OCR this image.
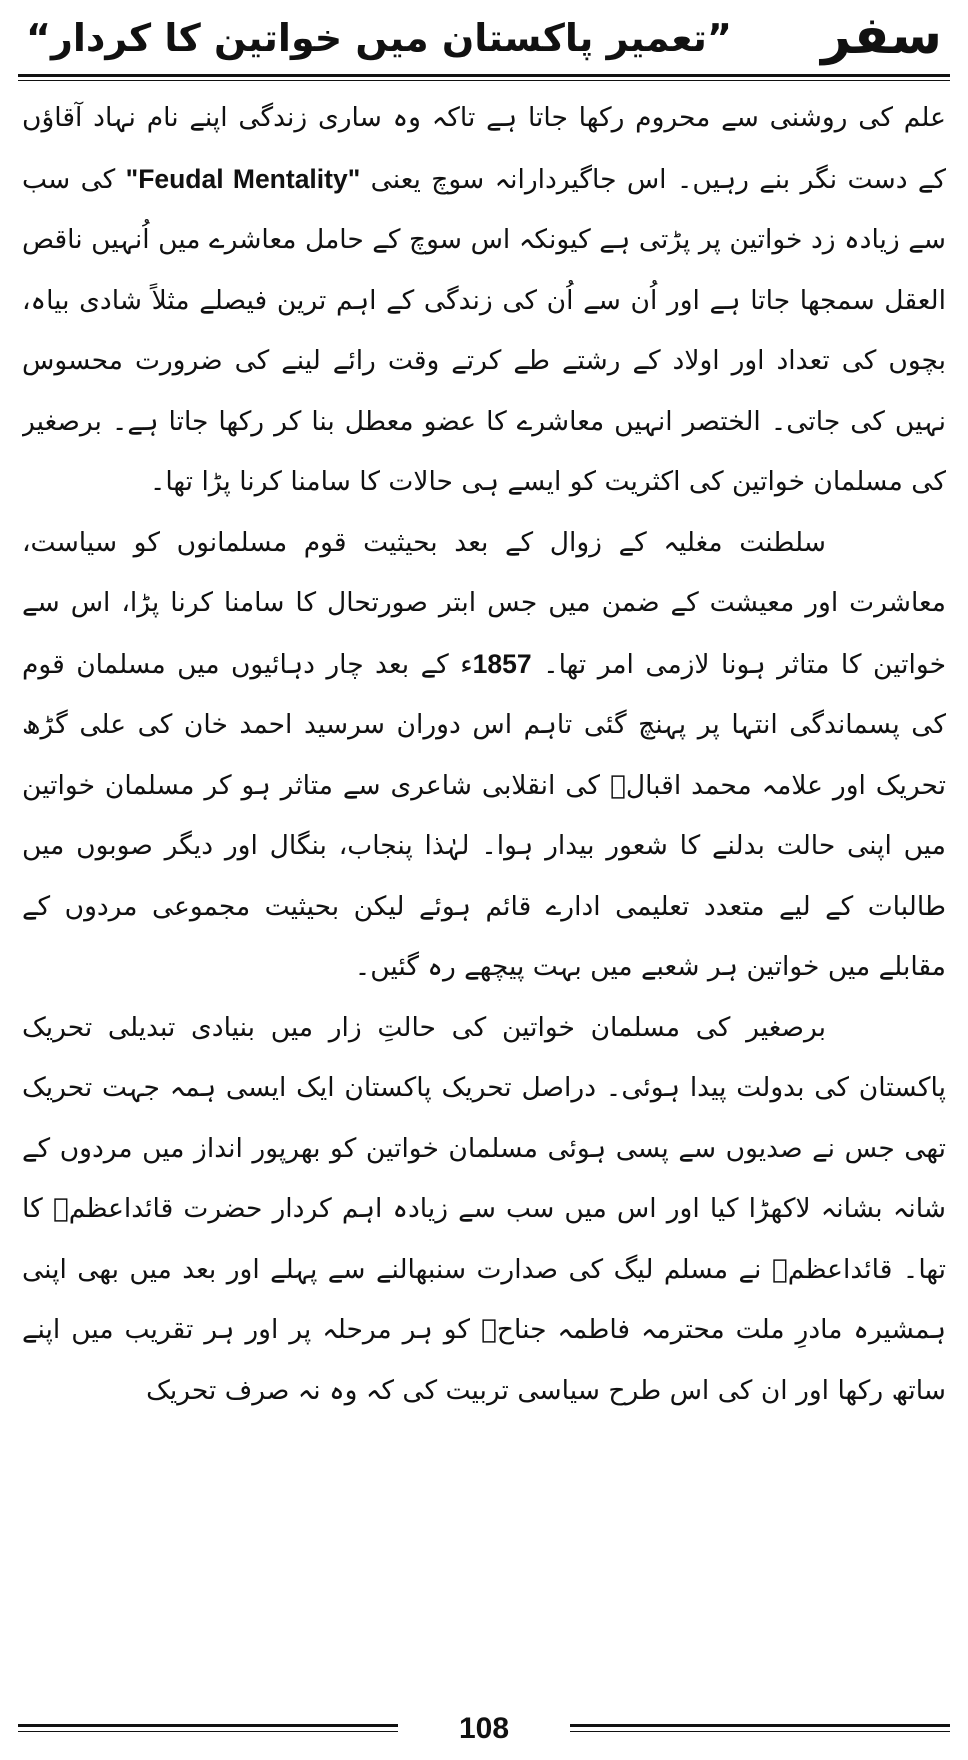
”تعمیر پاکستان میں خواتین کا کردار“ سفر

علم کی روشنی سے محروم رکھا جاتا ہے تاکہ وہ ساری زندگی اپنے نام نہاد آقاؤں کے دست نگر بنے رہیں۔ اس جاگیردارانہ سوچ یعنی "Feudal Mentality" کی سب سے زیادہ زد خواتین پر پڑتی ہے کیونکہ اس سوچ کے حامل معاشرے میں اُنہیں ناقص العقل سمجھا جاتا ہے اور اُن سے اُن کی زندگی کے اہم ترین فیصلے مثلاً شادی بیاہ، بچوں کی تعداد اور اولاد کے رشتے طے کرتے وقت رائے لینے کی ضرورت محسوس نہیں کی جاتی۔ الختصر انہیں معاشرے کا عضو معطل بنا کر رکھا جاتا ہے۔ برصغیر کی مسلمان خواتین کی اکثریت کو ایسے ہی حالات کا سامنا کرنا پڑا تھا۔

سلطنت مغلیہ کے زوال کے بعد بحیثیت قوم مسلمانوں کو سیاست، معاشرت اور معیشت کے ضمن میں جس ابتر صورتحال کا سامنا کرنا پڑا، اس سے خواتین کا متاثر ہونا لازمی امر تھا۔ 1857ء کے بعد چار دہائیوں میں مسلمان قوم کی پسماندگی انتہا پر پہنچ گئی تاہم اس دوران سرسید احمد خان کی علی گڑھ تحریک اور علامہ محمد اقبالؒ کی انقلابی شاعری سے متاثر ہو کر مسلمان خواتین میں اپنی حالت بدلنے کا شعور بیدار ہوا۔ لہٰذا پنجاب، بنگال اور دیگر صوبوں میں طالبات کے لیے متعدد تعلیمی ادارے قائم ہوئے لیکن بحیثیت مجموعی مردوں کے مقابلے میں خواتین ہر شعبے میں بہت پیچھے رہ گئیں۔

برصغیر کی مسلمان خواتین کی حالتِ زار میں بنیادی تبدیلی تحریک پاکستان کی بدولت پیدا ہوئی۔ دراصل تحریک پاکستان ایک ایسی ہمہ جہت تحریک تھی جس نے صدیوں سے پسی ہوئی مسلمان خواتین کو بھرپور انداز میں مردوں کے شانہ بشانہ لاکھڑا کیا اور اس میں سب سے زیادہ اہم کردار حضرت قائداعظمؒ کا تھا۔ قائداعظمؒ نے مسلم لیگ کی صدارت سنبھالنے سے پہلے اور بعد میں بھی اپنی ہمشیرہ مادرِ ملت محترمہ فاطمہ جناحؒ کو ہر مرحلہ پر اور ہر تقریب میں اپنے ساتھ رکھا اور ان کی اس طرح سیاسی تربیت کی کہ وہ نہ صرف تحریک

108
